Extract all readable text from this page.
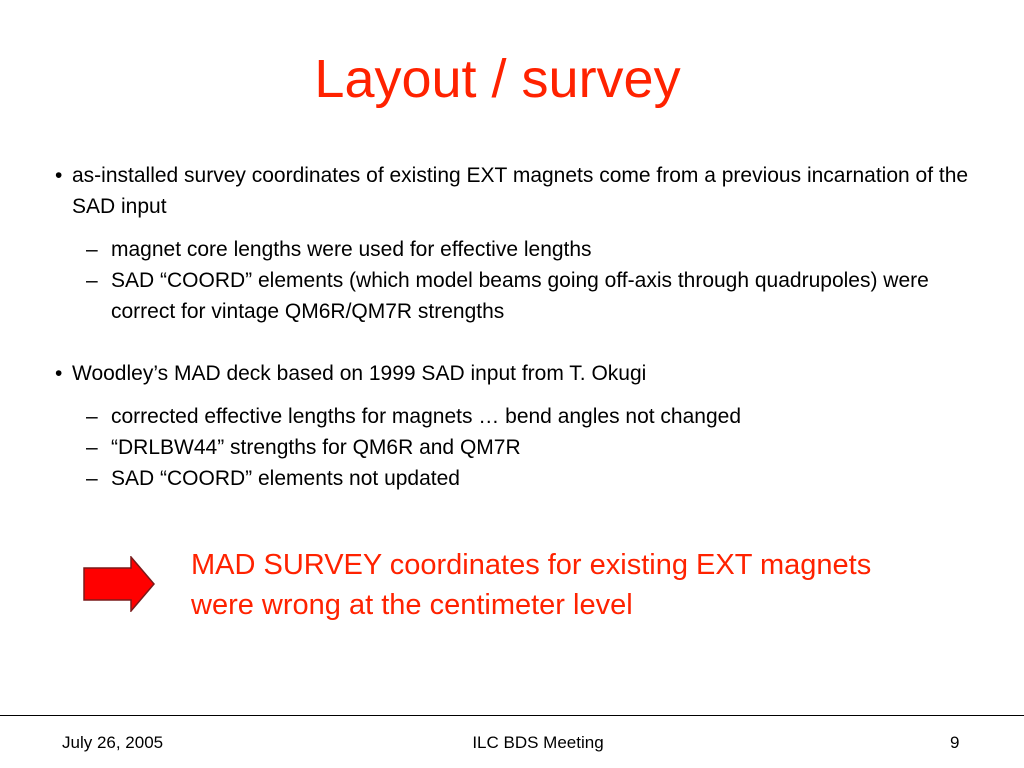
Layout / survey
• as-installed survey coordinates of existing EXT magnets come from a previous incarnation of the SAD input
– magnet core lengths were used for effective lengths
– SAD “COORD” elements (which model beams going off-axis through quadrupoles) were correct for vintage QM6R/QM7R strengths
• Woodley’s MAD deck based on 1999 SAD input from T. Okugi
– corrected effective lengths for magnets … bend angles not changed
– “DRLBW44” strengths for QM6R and QM7R
– SAD “COORD” elements not updated
MAD SURVEY coordinates for existing EXT magnets were wrong at the centimeter level
July 26, 2005	ILC BDS Meeting	9
